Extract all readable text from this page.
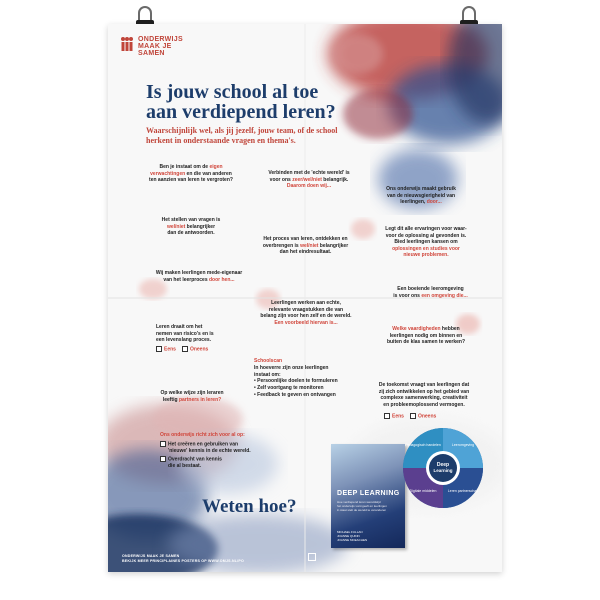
ONDERWIJS
MAAK JE
SAMEN
Is jouw school al toe
aan verdiepend leren?
Waarschijnlijk wel, als jij jezelf, jouw team, of de school
herkent in onderstaande vragen en thema's.
Ben je instaat om de eigen
verwachtingen en die van anderen
ten aanzien van leren te vergroten?
Verbinden met de 'echte wereld' is
voor ons zeer/wel/niet belangrijk.
Daarom doen wij...	Ons onderwijs maakt gebruik
van de nieuwsgierigheid van
leerlingen, door...
Het stellen van vragen is
wel/niet belangrijker
dan de antwoorden.
Het proces van leren, ontdekken en
overbrengen is wel/niet belangrijker
dan het eindresultaat.
Legt dit alle ervaringen voor waar-
voor de oplossing al gevonden is.
Bied leerlingen kansen om
oplossingen en studies voor
nieuwe problemen.
Wij maken leerlingen mede-eigenaar
van het leerproces door hen...
Een boeiende leeromgeving
is voor ons een omgeving die...
Leerlingen werken aan echte,
relevante vraagstukken die van
belang zijn voor hen zelf en de wereld.
Een voorbeeld hiervan is...
Leren draait om het
nemen van risico's en is
een levenslang proces.
Eens	Oneens
Welke vaardigheden hebben
leerlingen nodig om binnen en
buiten de klas samen te werken?
Schoolscan
In hoeverre zijn onze leerlingen
instaat om:
• Persoonlijke doelen te formuleren
• Zelf voortgang te monitoren
• Feedback te geven en ontvangen
Op welke wijze zijn leraren
leeftig partners in leren?
De toekomst vraagt van leerlingen dat
zij zich ontwikkelen op het gebied van
complexe samenwerking, creativiteit
en probleemoplossend vermogen.
Eens	Oneens
Ons onderwijs richt zich voor al op:
Het creëren en gebruiken van
'nieuwe' kennis in de echte wereld.
Overdracht van kennis
die al bestaat.
Weten hoe?
DEEP LEARNING
Hoe verdiepend leren wereldwijd
het onderwijs vormgeeft en leerlingen
in staat stelt de wereld te veranderen
MICHAEL FULLAN
JOANNE QUINN
JOANNE MCEACHEN
Deep
Learning
Leeromgeving
Leren partnerschap
Digitale middelen
Pedagogisch handelen
ONDERWIJS MAAK JE SAMEN
BEKIJK MEER PRINCIPLAINES POSTERS OP WWW.OMJS.NL/PO
